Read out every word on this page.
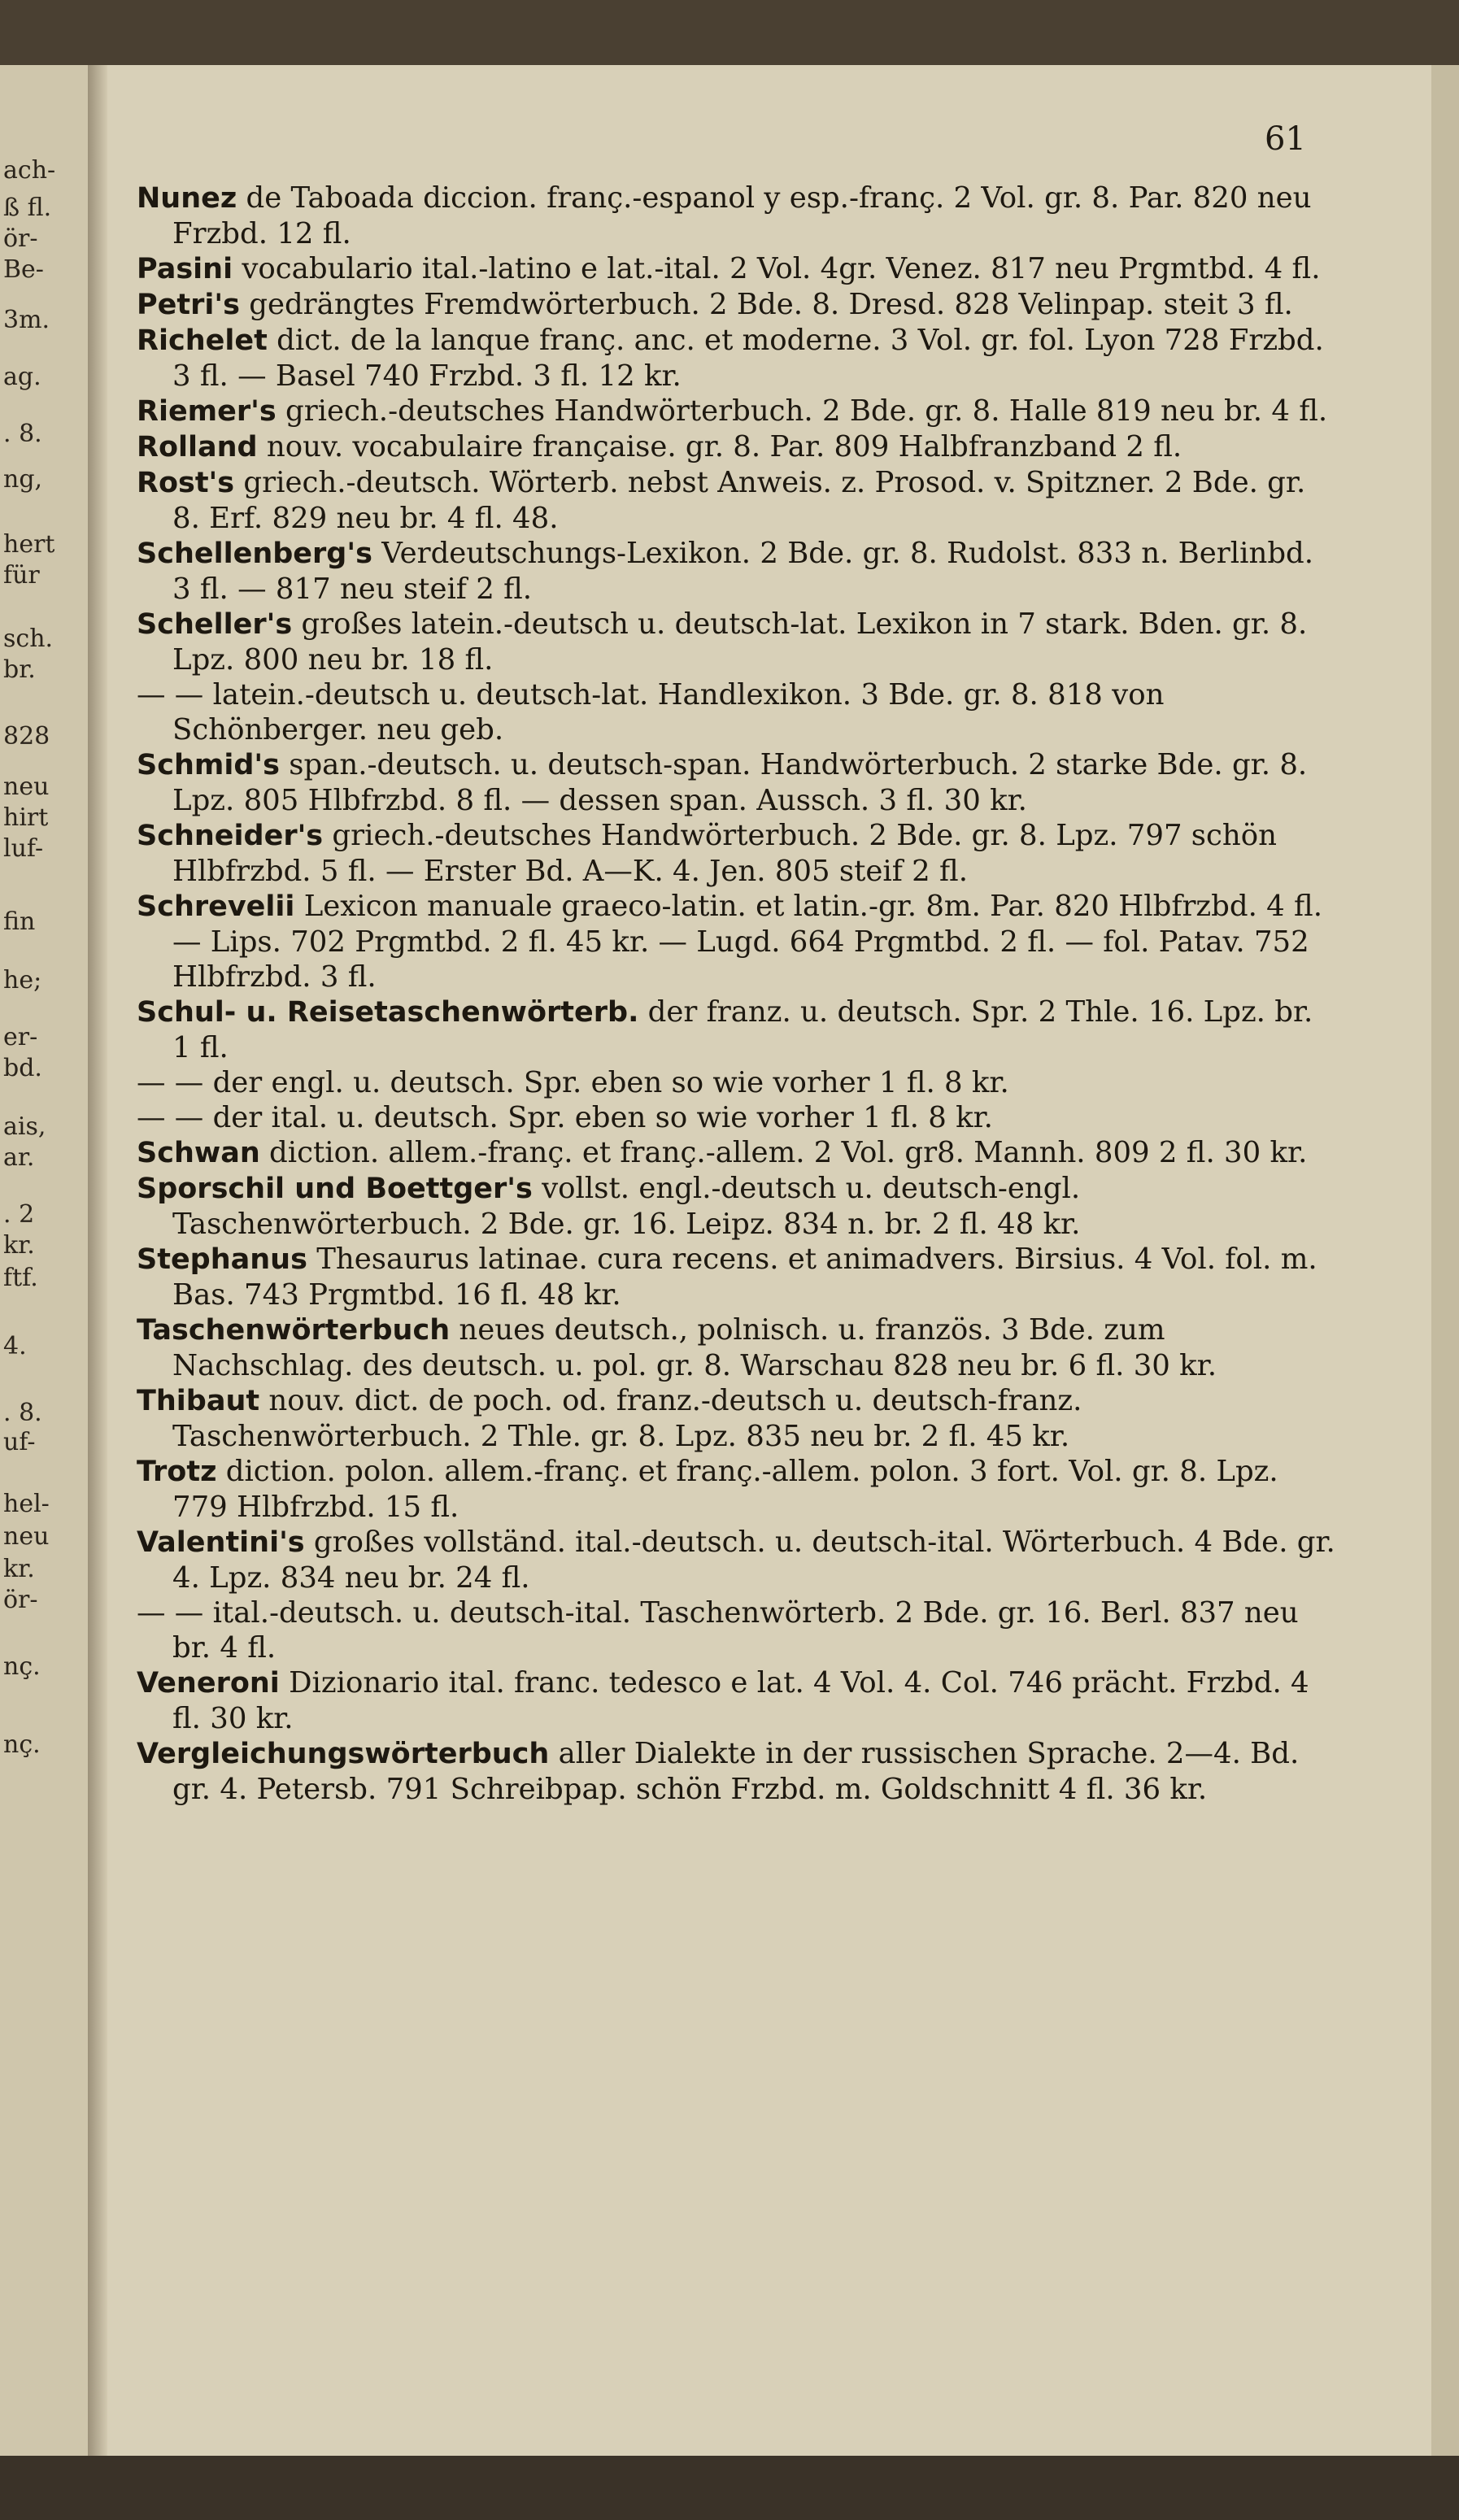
ach-
ß fl.
ör-
Be-
3m.
ag.
. 8.
ng,
hert
für
sch.
br.
828
neu
hirt
luf-
fin
he;
er-
bd.
ais,
ar.
. 2
kr.
ftf.
4.
. 8.
uf-
hel-
neu
kr.
ör-
nç.
nç.
61

Nunez de Taboada diccion. franç.-espanol y esp.-franç. 2 Vol. gr. 8. Par. 820 neu Frzbd. 12 fl.

Pasini vocabulario ital.-latino e lat.-ital. 2 Vol. 4gr. Venez. 817 neu Prgmtbd. 4 fl.

Petri's gedrängtes Fremdwörterbuch. 2 Bde. 8. Dresd. 828 Velinpap. steit 3 fl.

Richelet dict. de la lanque franç. anc. et moderne. 3 Vol. gr. fol. Lyon 728 Frzbd. 3 fl. — Basel 740 Frzbd. 3 fl. 12 kr.

Riemer's griech.-deutsches Handwörterbuch. 2 Bde. gr. 8. Halle 819 neu br. 4 fl.

Rolland nouv. vocabulaire française. gr. 8. Par. 809 Halbfranzband 2 fl.

Rost's griech.-deutsch. Wörterb. nebst Anweis. z. Prosod. v. Spitzner. 2 Bde. gr. 8. Erf. 829 neu br. 4 fl. 48.

Schellenberg's Verdeutschungs-Lexikon. 2 Bde. gr. 8. Rudolst. 833 n. Berlinbd. 3 fl. — 817 neu steif 2 fl.

Scheller's großes latein.-deutsch u. deutsch-lat. Lexikon in 7 stark. Bden. gr. 8. Lpz. 800 neu br. 18 fl.

— — latein.-deutsch u. deutsch-lat. Handlexikon. 3 Bde. gr. 8. 818 von Schönberger. neu geb.

Schmid's span.-deutsch. u. deutsch-span. Handwörterbuch. 2 starke Bde. gr. 8. Lpz. 805 Hlbfrzbd. 8 fl. — dessen span. Aussch. 3 fl. 30 kr.

Schneider's griech.-deutsches Handwörterbuch. 2 Bde. gr. 8. Lpz. 797 schön Hlbfrzbd. 5 fl. — Erster Bd. A—K. 4. Jen. 805 steif 2 fl.

Schrevelii Lexicon manuale graeco-latin. et latin.-gr. 8m. Par. 820 Hlbfrzbd. 4 fl. — Lips. 702 Prgmtbd. 2 fl. 45 kr. — Lugd. 664 Prgmtbd. 2 fl. — fol. Patav. 752 Hlbfrzbd. 3 fl.

Schul- u. Reisetaschenwörterb. der franz. u. deutsch. Spr. 2 Thle. 16. Lpz. br. 1 fl.

— — der engl. u. deutsch. Spr. eben so wie vorher 1 fl. 8 kr.

— — der ital. u. deutsch. Spr. eben so wie vorher 1 fl. 8 kr.

Schwan diction. allem.-franç. et franç.-allem. 2 Vol. gr8. Mannh. 809 2 fl. 30 kr.

Sporschil und Boettger's vollst. engl.-deutsch u. deutsch-engl. Taschenwörterbuch. 2 Bde. gr. 16. Leipz. 834 n. br. 2 fl. 48 kr.

Stephanus Thesaurus latinae. cura recens. et animadvers. Birsius. 4 Vol. fol. m. Bas. 743 Prgmtbd. 16 fl. 48 kr.

Taschenwörterbuch neues deutsch., polnisch. u. französ. 3 Bde. zum Nachschlag. des deutsch. u. pol. gr. 8. Warschau 828 neu br. 6 fl. 30 kr.

Thibaut nouv. dict. de poch. od. franz.-deutsch u. deutsch-franz. Taschenwörterbuch. 2 Thle. gr. 8. Lpz. 835 neu br. 2 fl. 45 kr.

Trotz diction. polon. allem.-franç. et franç.-allem. polon. 3 fort. Vol. gr. 8. Lpz. 779 Hlbfrzbd. 15 fl.

Valentini's großes vollständ. ital.-deutsch. u. deutsch-ital. Wörterbuch. 4 Bde. gr. 4. Lpz. 834 neu br. 24 fl.

— — ital.-deutsch. u. deutsch-ital. Taschenwörterb. 2 Bde. gr. 16. Berl. 837 neu br. 4 fl.

Veneroni Dizionario ital. franc. tedesco e lat. 4 Vol. 4. Col. 746 prächt. Frzbd. 4 fl. 30 kr.

Vergleichungswörterbuch aller Dialekte in der russischen Sprache. 2—4. Bd. gr. 4. Petersb. 791 Schreibpap. schön Frzbd. m. Goldschnitt 4 fl. 36 kr.
